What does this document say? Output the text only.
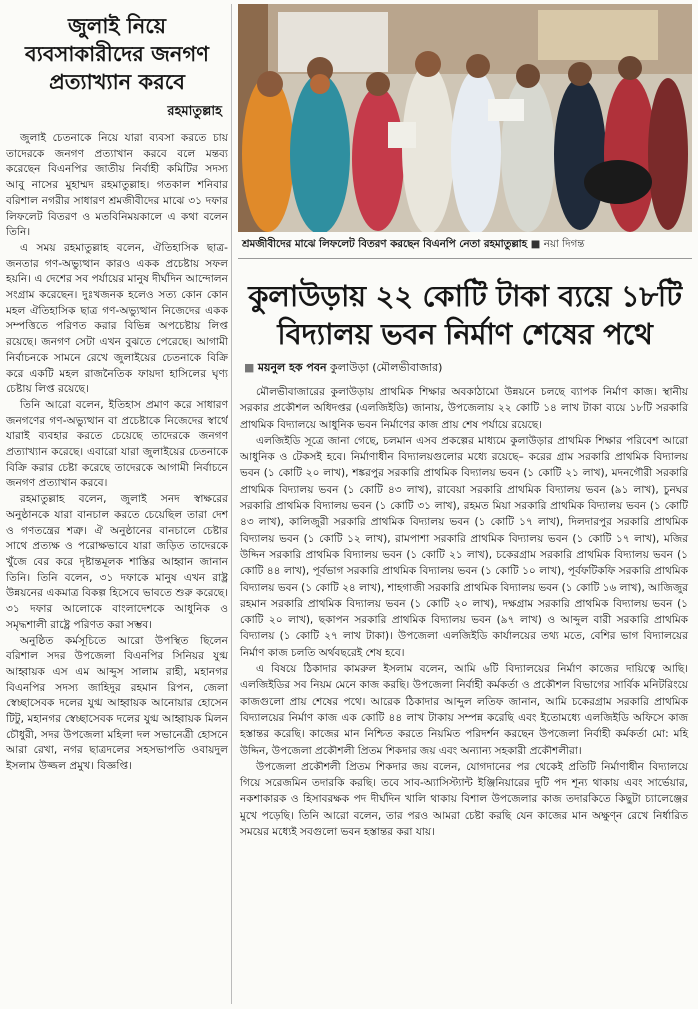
জুলাই নিয়ে
ব্যবসাকারীদের জনগণ
প্রত্যাখ্যান করবে
রহমাতুল্লাহ

জুলাই চেতনাকে নিয়ে যারা ব্যবসা করতে চায় তাদেরকে জনগণ প্রত্যাখান করবে বলে মন্তব্য করেছেন বিএনপির জাতীয় নির্বাহী কমিটির সদস্য আবু নাসের মুহাম্মদ রহমাতুল্লাহ। গতকাল শনিবার বরিশাল নগরীর সাধারণ শ্রমজীবীদের মাঝে ৩১ দফার লিফলেট বিতরণ ও মতবিনিময়কালে এ কথা বলেন তিনি।

এ সময় রহমাতুল্লাহ বলেন, ঐতিহাসিক ছাত্র-জনতার গণ-অভ্যুত্থান কারও একক প্রচেষ্টায় সফল হয়নি। এ দেশের সব পর্যায়ের মানুষ দীর্ঘদিন আন্দোলন সংগ্রাম করেছেন। দুঃখজনক হলেও সত্য কোন কোন মহল ঐতিহাসিক ছাত্র গণ-অভ্যুত্থান নিজেদের একক সম্পত্তিতে পরিণত করার বিভিন্ন অপচেষ্টায় লিপ্ত রয়েছে। জনগণ সেটা এখন বুঝতে পেরেছে। আগামী নির্বাচনকে সামনে রেখে জুলাইয়ের চেতনাকে বিক্রি করে একটি মহল রাজনৈতিক ফায়দা হাসিলের ঘৃণ্য চেষ্টায় লিপ্ত রয়েছে।

তিনি আরো বলেন, ইতিহাস প্রমাণ করে সাধারণ জনগণের গণ-অভ্যুত্থান বা প্রচেষ্টাকে নিজেদের স্বার্থে যারাই ব্যবহার করতে চেয়েছে তাদেরকে জনগণ প্রত্যাখ্যান করেছে। এবারো যারা জুলাইয়ের চেতনাকে বিক্রি করার চেষ্টা করেছে তাদেরকে আগামী নির্বাচনে জনগণ প্রত্যাখান করবে।

রহমাতুল্লাহ বলেন, জুলাই সনদ স্বাক্ষরের অনুষ্ঠানকে যারা বানচাল করতে চেয়েছিল তারা দেশ ও গণতন্ত্রের শত্রু। ঐ অনুষ্ঠানের বানচালে চেষ্টার সাথে প্রত্যক্ষ ও পরোক্ষভাবে যারা জড়িত তাদেরকে খুঁজে বের করে দৃষ্টান্তমূলক শাস্তির আহ্বান জানান তিনি। তিনি বলেন, ৩১ দফাকে মানুষ এখন রাষ্ট্র উন্নয়নের একমাত্র বিকল্প হিসেবে ভাবতে শুরু করেছে। ৩১ দফার আলোকে বাংলাদেশকে আধুনিক ও সমৃদ্ধশালী রাষ্ট্রে পরিণত করা সম্ভব।

অনুষ্ঠিত কর্মসূচিতে আরো উপস্থিত ছিলেন বরিশাল সদর উপজেলা বিএনপির সিনিয়র যুগ্ম আহ্বায়ক এস এম আব্দুস সালাম রাহী, মহানগর বিএনপির সদস্য জাহিদুর রহমান রিপন, জেলা স্বেচ্ছাসেবক দলের যুগ্ম আহ্বায়ক আনোয়ার হোসেন টিটু, মহানগর স্বেচ্ছাসেবক দলের যুগ্ম আহ্বায়ক মিলন চৌধুরী, সদর উপজেলা মহিলা দল সভানেত্রী হোসনে আরা রেখা, নগর ছাত্রদলের সহসভাপতি ওবায়দুল ইসলাম উজ্জল প্রমুখ। বিজ্ঞপ্তি।

শ্রমজীবীদের মাঝে লিফলেট বিতরণ করছেন বিএনপি নেতা রহমাতুল্লাহ ■ নয়া দিগন্ত
কুলাউড়ায় ২২ কোটি টাকা ব্যয়ে ১৮টি
বিদ্যালয় ভবন নির্মাণ শেষের পথে
■ ময়নুল হক পবন কুলাউড়া (মৌলভীবাজার)

মৌলভীবাজারের কুলাউড়ায় প্রাথমিক শিক্ষার অবকাঠামো উন্নয়নে চলছে ব্যাপক নির্মাণ কাজ। স্থানীয় সরকার প্রকৌশল অধিদপ্তর (এলজিইডি) জানায়, উপজেলায় ২২ কোটি ১৪ লাখ টাকা ব্যয়ে ১৮টি সরকারি প্রাথমিক বিদ্যালয়ে আধুনিক ভবন নির্মাণের কাজ প্রায় শেষ পর্যায়ে রয়েছে।

এলজিইডি সূত্রে জানা গেছে, চলমান এসব প্রকল্পের মাধ্যমে কুলাউড়ার প্রাথমিক শিক্ষার পরিবেশ আরো আধুনিক ও টেকসই হবে। নির্মাণাধীন বিদ্যালয়গুলোর মধ্যে রয়েছে– করের গ্রাম সরকারি প্রাথমিক বিদ্যালয় ভবন (১ কোটি ২০ লাখ), শঙ্করপুর সরকারি প্রাথমিক বিদ্যালয় ভবন (১ কোটি ২১ লাখ), মদনগৌরী সরকারি প্রাথমিক বিদ্যালয় ভবন (১ কোটি ৪৩ লাখ), রাবেয়া সরকারি প্রাথমিক বিদ্যালয় ভবন (৯১ লাখ), চুনঘর সরকারি প্রাথমিক বিদ্যালয় ভবন (১ কোটি ৩১ লাখ), রহমত মিয়া সরকারি প্রাথমিক বিদ্যালয় ভবন (১ কোটি ৪৩ লাখ), কালিজুরী সরকারি প্রাথমিক বিদ্যালয় ভবন (১ কোটি ১৭ লাখ), দিলদারপুর সরকারি প্রাথমিক বিদ্যালয় ভবন (১ কোটি ১২ লাখ), রামপাশা সরকারি প্রাথমিক বিদ্যালয় ভবন (১ কোটি ১৭ লাখ), মজির উদ্দিন সরকারি প্রাথমিক বিদ্যালয় ভবন (১ কোটি ২১ লাখ), চকেরগ্রাম সরকারি প্রাথমিক বিদ্যালয় ভবন (১ কোটি ৪৪ লাখ), পূর্বভাগ সরকারি প্রাথমিক বিদ্যালয় ভবন (১ কোটি ১০ লাখ), পূর্বফটিকফি সরকারি প্রাথমিক বিদ্যালয় ভবন (১ কোটি ২৪ লাখ), শাহগাজী সরকারি প্রাথমিক বিদ্যালয় ভবন (১ কোটি ১৬ লাখ), আজিজুর রহমান সরকারি প্রাথমিক বিদ্যালয় ভবন (১ কোটি ২০ লাখ), দক্ষগ্রাম সরকারি প্রাথমিক বিদ্যালয় ভবন (১ কোটি ২০ লাখ), ছকাপন সরকারি প্রাথমিক বিদ্যালয় ভবন (৯৭ লাখ) ও আব্দুল বারী সরকারি প্রাথমিক বিদ্যালয় (১ কোটি ২৭ লাখ টাকা)। উপজেলা এলজিইডি কার্যালয়ের তথ্য মতে, বেশির ভাগ বিদ্যালয়ের নির্মাণ কাজ চলতি অর্থবছরেই শেষ হবে।

এ বিষয়ে ঠিকাদার কামরুল ইসলাম বলেন, আমি ৬টি বিদ্যালয়ের নির্মাণ কাজের দায়িত্বে আছি। এলজিইডির সব নিয়ম মেনে কাজ করছি। উপজেলা নির্বাহী কর্মকর্তা ও প্রকৌশল বিভাগের সার্বিক মনিটরিংয়ে কাজগুলো প্রায় শেষের পথে। আরেক ঠিকাদার আব্দুল লতিফ জানান, আমি চকেরগ্রাম সরকারি প্রাথমিক বিদ্যালয়ের নির্মাণ কাজ এক কোটি ৪৪ লাখ টাকায় সম্পন্ন করেছি এবং ইতোমধ্যে এলজিইডি অফিসে কাজ হস্তান্তর করেছি। কাজের মান নিশ্চিত করতে নিয়মিত পরিদর্শন করছেন উপজেলা নির্বাহী কর্মকর্তা মো: মহি উদ্দিন, উপজেলা প্রকৌশলী প্রিতম শিকদার জয় এবং অন্যান্য সহকারী প্রকৌশলীরা।

উপজেলা প্রকৌশলী প্রিতম শিকদার জয় বলেন, যোগদানের পর থেকেই প্রতিটি নির্মাণাধীন বিদ্যালয়ে গিয়ে সরেজমিন তদারকি করছি। তবে সাব-অ্যাসিস্ট্যান্ট ইঞ্জিনিয়ারের দুটি পদ শূন্য থাকায় এবং সার্ভেয়ার, নকশাকারক ও হিসাবরক্ষক পদ দীর্ঘদিন খালি থাকায় বিশাল উপজেলার কাজ তদারকিতে কিছুটা চ্যালেঞ্জের মুখে পড়েছি। তিনি আরো বলেন, তার পরও আমরা চেষ্টা করছি যেন কাজের মান অক্ষুণ্ন রেখে নির্ধারিত সময়ের মধ্যেই সবগুলো ভবন হস্তান্তর করা যায়।
